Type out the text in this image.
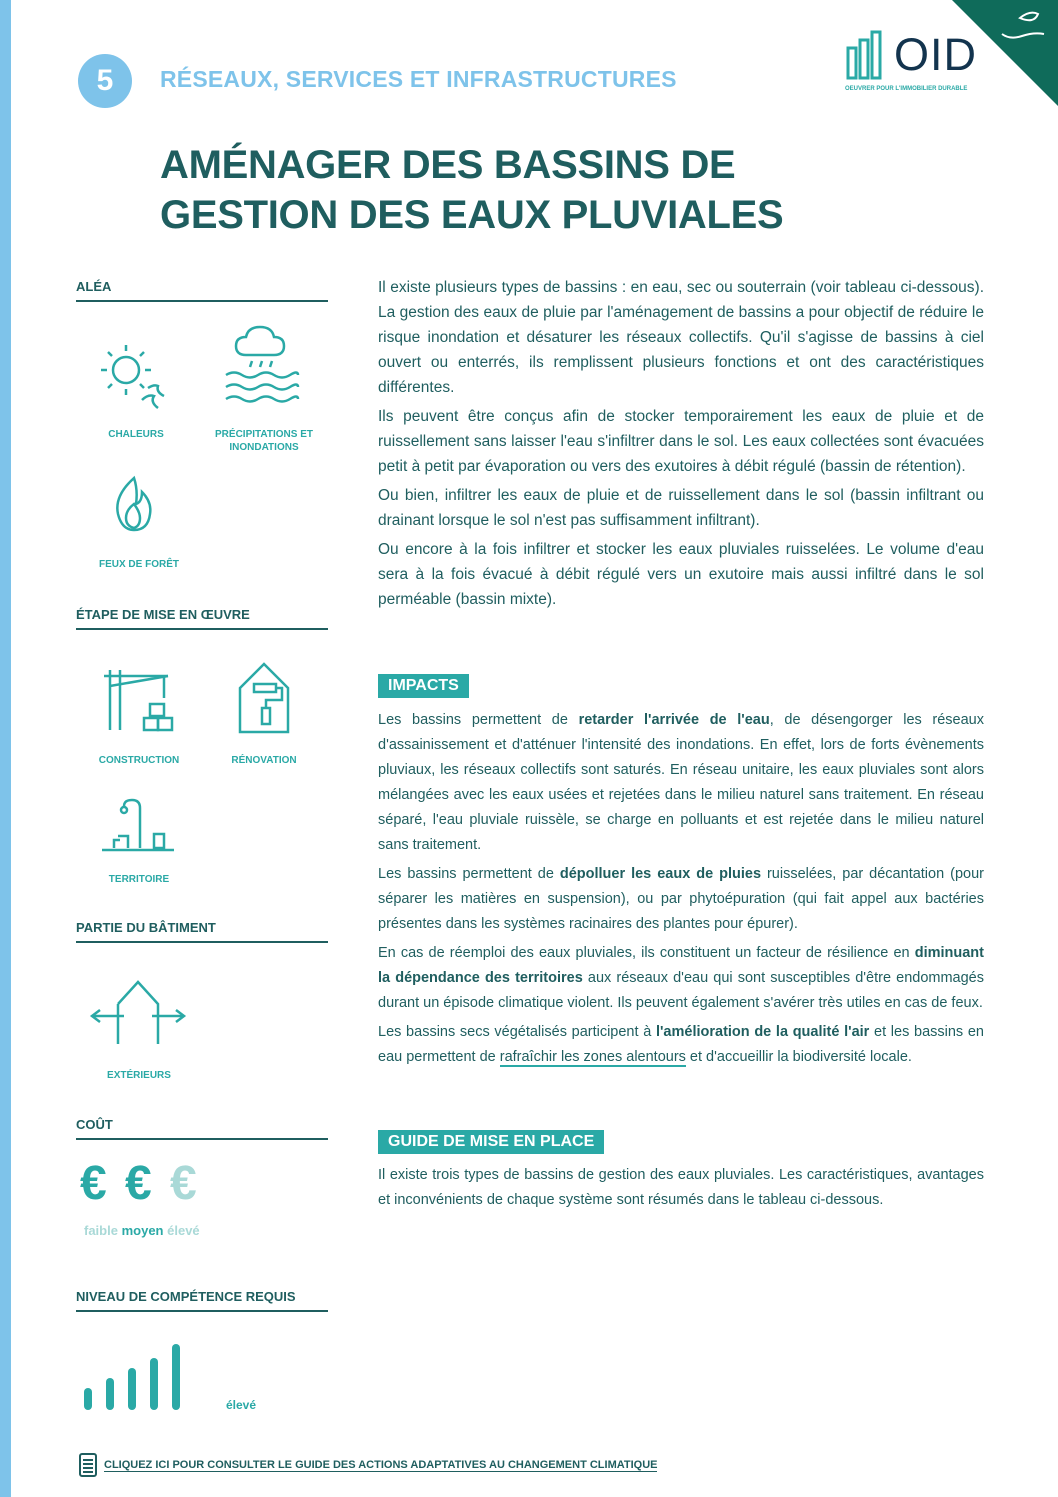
5	RÉSEAUX, SERVICES ET INFRASTRUCTURES	OID
OEUVRER POUR L'IMMOBILIER DURABLE
AMÉNAGER DES BASSINS DE
GESTION DES EAUX PLUVIALES
ALÉA
CHALEURS	PRÉCIPITATIONS ET
INONDATIONS
FEUX DE FORÊT
ÉTAPE DE MISE EN ŒUVRE
CONSTRUCTION	RÉNOVATION
TERRITOIRE
PARTIE DU BÂTIMENT
EXTÉRIEURS
COÛT
€ € €
faible moyen élevé
NIVEAU DE COMPÉTENCE REQUIS
élevé

Il existe plusieurs types de bassins : en eau, sec ou souterrain (voir tableau ci-dessous). La gestion des eaux de pluie par l'aménagement de bassins a pour objectif de réduire le risque inondation et désaturer les réseaux collectifs. Qu'il s'agisse de bassins à ciel ouvert ou enterrés, ils remplissent plusieurs fonctions et ont des caractéristiques différentes.

Ils peuvent être conçus afin de stocker temporairement les eaux de pluie et de ruissellement sans laisser l'eau s'infiltrer dans le sol. Les eaux collectées sont évacuées petit à petit par évaporation ou vers des exutoires à débit régulé (bassin de rétention).

Ou bien, infiltrer les eaux de pluie et de ruissellement dans le sol (bassin infiltrant ou drainant lorsque le sol n'est pas suffisamment infiltrant).

Ou encore à la fois infiltrer et stocker les eaux pluviales ruisselées. Le volume d'eau sera à la fois évacué à débit régulé vers un exutoire mais aussi infiltré dans le sol perméable (bassin mixte).

IMPACTS

Les bassins permettent de retarder l'arrivée de l'eau, de désengorger les réseaux d'assainissement et d'atténuer l'intensité des inondations. En effet, lors de forts évènements pluviaux, les réseaux collectifs sont saturés. En réseau unitaire, les eaux pluviales sont alors mélangées avec les eaux usées et rejetées dans le milieu naturel sans traitement. En réseau séparé, l'eau pluviale ruissèle, se charge en polluants et est rejetée dans le milieu naturel sans traitement.

Les bassins permettent de dépolluer les eaux de pluies ruisselées, par décantation (pour séparer les matières en suspension), ou par phytoépuration (qui fait appel aux bactéries présentes dans les systèmes racinaires des plantes pour épurer).

En cas de réemploi des eaux pluviales, ils constituent un facteur de résilience en diminuant la dépendance des territoires aux réseaux d'eau qui sont susceptibles d'être endommagés durant un épisode climatique violent. Ils peuvent également s'avérer très utiles en cas de feux.

Les bassins secs végétalisés participent à l'amélioration de la qualité l'air et les bassins en eau permettent de rafraîchir les zones alentours et d'accueillir la biodiversité locale.

GUIDE DE MISE EN PLACE

Il existe trois types de bassins de gestion des eaux pluviales. Les caractéristiques, avantages et inconvénients de chaque système sont résumés dans le tableau ci-dessous.

CLIQUEZ ICI POUR CONSULTER LE GUIDE DES ACTIONS ADAPTATIVES AU CHANGEMENT CLIMATIQUE
